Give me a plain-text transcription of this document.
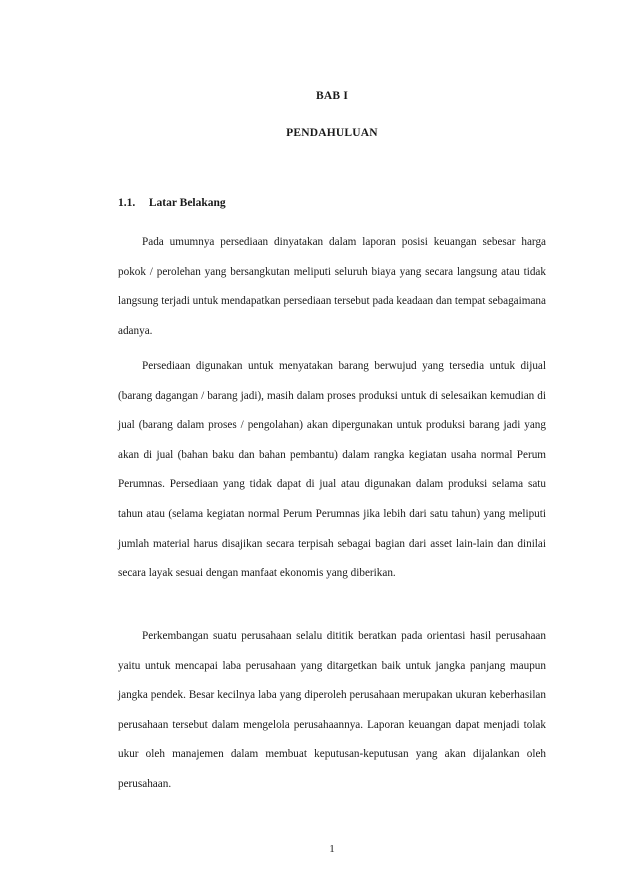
BAB I
PENDAHULUAN
1.1. Latar Belakang

Pada umumnya persediaan dinyatakan dalam laporan posisi keuangan sebesar harga pokok / perolehan yang bersangkutan meliputi seluruh biaya yang secara langsung atau tidak langsung terjadi untuk mendapatkan persediaan tersebut pada keadaan dan tempat sebagaimana adanya.

Persediaan digunakan untuk menyatakan barang berwujud yang tersedia untuk dijual (barang dagangan / barang jadi), masih dalam proses produksi untuk di selesaikan kemudian di jual (barang dalam proses / pengolahan) akan dipergunakan untuk produksi barang jadi yang akan di jual (bahan baku dan bahan pembantu) dalam rangka kegiatan usaha normal Perum Perumnas. Persediaan yang tidak dapat di jual atau digunakan dalam produksi selama satu tahun atau (selama kegiatan normal Perum Perumnas jika lebih dari satu tahun) yang meliputi jumlah material harus disajikan secara terpisah sebagai bagian dari asset lain-lain dan dinilai secara layak sesuai dengan manfaat ekonomis yang diberikan.

Perkembangan suatu perusahaan selalu dititik beratkan pada orientasi hasil perusahaan yaitu untuk mencapai laba perusahaan yang ditargetkan baik untuk jangka panjang maupun jangka pendek. Besar kecilnya laba yang diperoleh perusahaan merupakan ukuran keberhasilan perusahaan tersebut dalam mengelola perusahaannya. Laporan keuangan dapat menjadi tolak ukur oleh manajemen dalam membuat keputusan-keputusan yang akan dijalankan oleh perusahaan.

1
